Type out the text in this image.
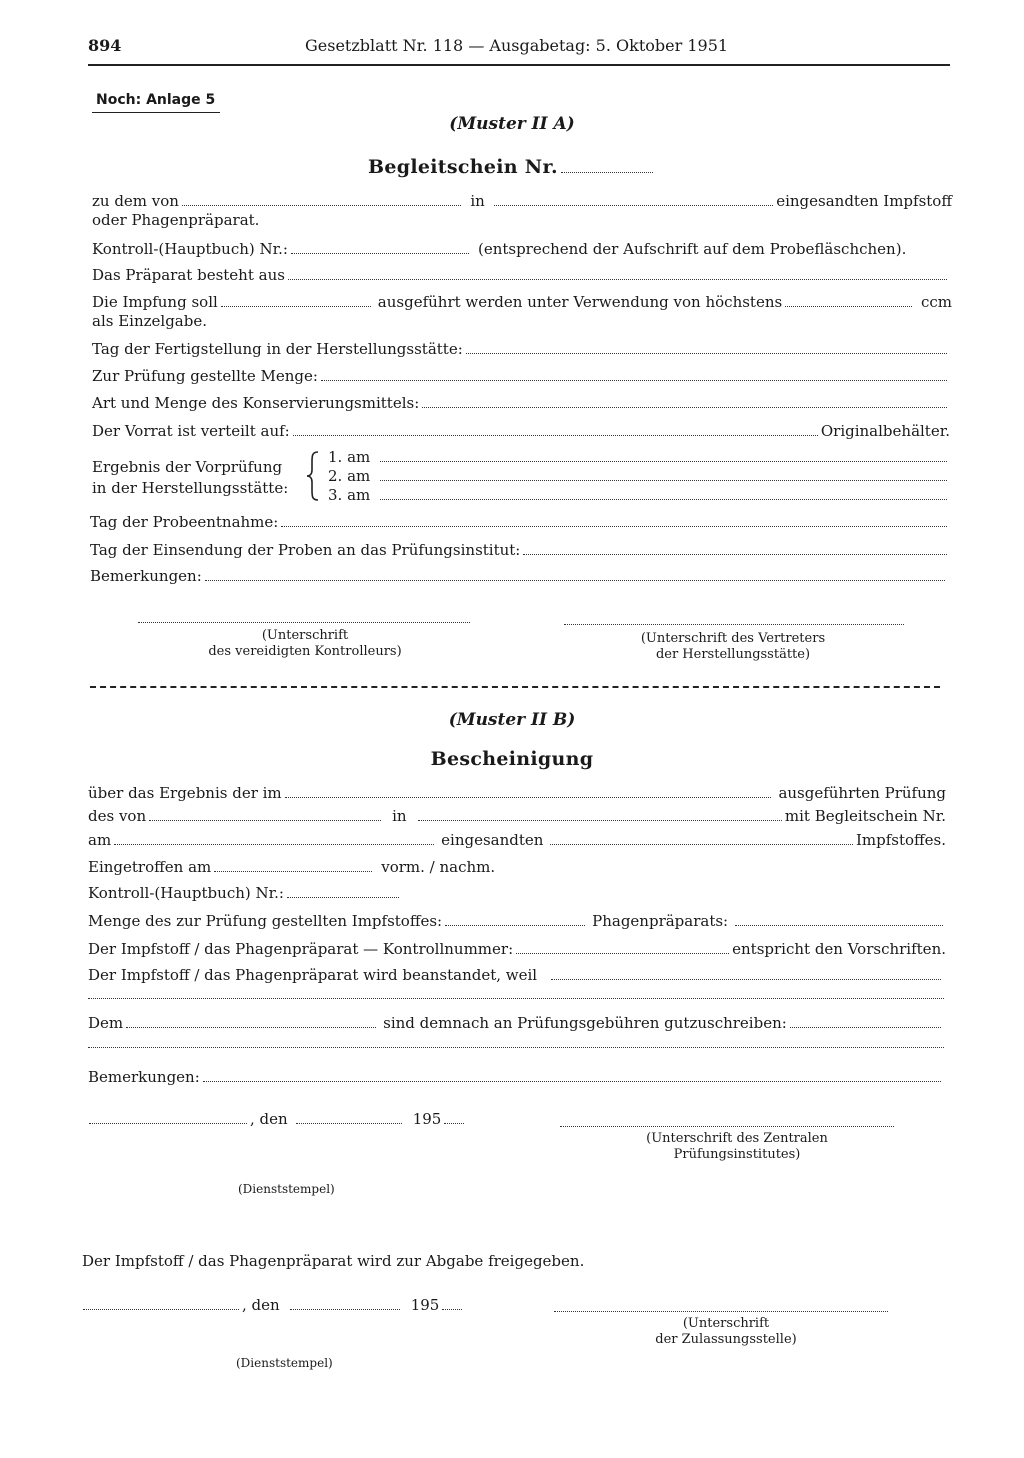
894	Gesetzblatt Nr. 118 — Ausgabetag: 5. Oktober 1951
Noch: Anlage 5
(Muster II A)
Begleitschein Nr.
zu dem von	in	eingesandten Impfstoff
oder Phagenpräparat.
Kontroll-(Hauptbuch) Nr.:	(entsprechend der Aufschrift auf dem Probefläschchen).
Das Präparat besteht aus
Die Impfung soll	ausgeführt werden unter Verwendung von höchstens	ccm
als Einzelgabe.
Tag der Fertigstellung in der Herstellungsstätte:
Zur Prüfung gestellte Menge:
Art und Menge des Konservierungsmittels:
Der Vorrat ist verteilt auf:	Originalbehälter.
Ergebnis der Vorprüfung
in der Herstellungsstätte:
1. am
2. am
3. am
Tag der Probeentnahme:
Tag der Einsendung der Proben an das Prüfungsinstitut:
Bemerkungen:
(Unterschrift
des vereidigten Kontrolleurs)
(Unterschrift des Vertreters
der Herstellungsstätte)
(Muster II B)
Bescheinigung
über das Ergebnis der im	ausgeführten Prüfung
des von	in	mit Begleitschein Nr.
am	eingesandten	Impfstoffes.
Eingetroffen am	vorm. / nachm.
Kontroll-(Hauptbuch) Nr.:
Menge des zur Prüfung gestellten Impfstoffes:	Phagenpräparats:
Der Impfstoff / das Phagenpräparat — Kontrollnummer:	entspricht den Vorschriften.
Der Impfstoff / das Phagenpräparat wird beanstandet, weil
Dem	sind demnach an Prüfungsgebühren gutzuschreiben:
Bemerkungen:
, den	195
(Unterschrift des Zentralen
Prüfungsinstitutes)
(Dienststempel)
Der Impfstoff / das Phagenpräparat wird zur Abgabe freigegeben.
, den	195
(Unterschrift
der Zulassungsstelle)
(Dienststempel)
